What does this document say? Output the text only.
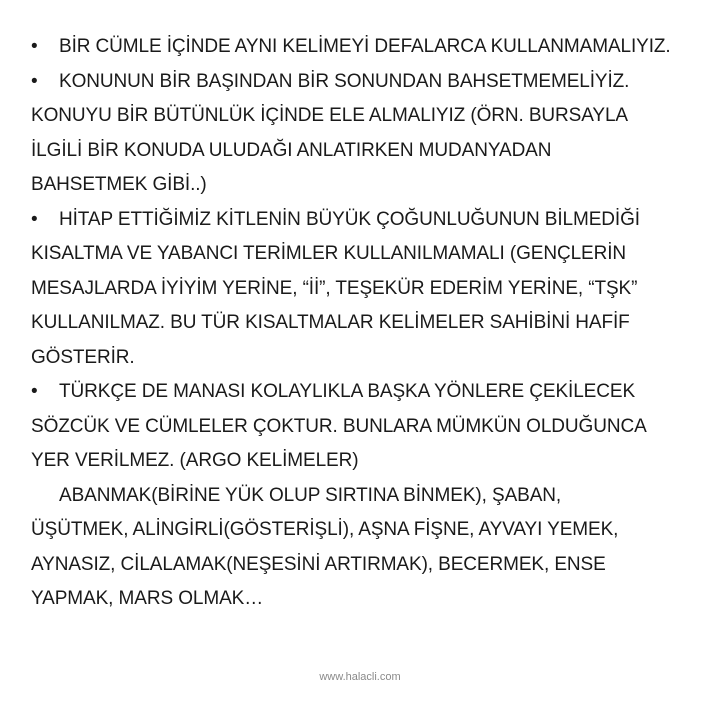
• BİR CÜMLE İÇİNDE AYNI KELİMEYİ DEFALARCA KULLANMAMALIYIZ.
• KONUNUN BİR BAŞINDAN BİR SONUNDAN BAHSETMEMELİYİZ.
KONUYU BİR BÜTÜNLÜK İÇİNDE ELE ALMALIYIZ (ÖRN. BURSAYLA
İLGİLİ BİR KONUDA ULUDAĞI ANLATIRKEN MUDANYADAN
BAHSETMEK GİBİ..)
• HİTAP ETTİĞİMİZ KİTLENİN BÜYÜK ÇOĞUNLUĞUNUN BİLMEDİĞİ
KISALTMA VE YABANCI TERİMLER KULLANILMAMALI (GENÇLERİN
MESAJLARDA İYİYİM YERİNE, “İİ”, TEŞEKÜR EDERİM YERİNE, “TŞK”
KULLANILMAZ. BU TÜR KISALTMALAR KELİMELER SAHİBİNİ HAFİF
GÖSTERİR.
• TÜRKÇE DE MANASI KOLAYLIKLA BAŞKA YÖNLERE ÇEKİLECEK
SÖZCÜK VE CÜMLELER ÇOKTUR. BUNLARA MÜMKÜN OLDUĞUNCA
YER VERİLMEZ. (ARGO KELİMELER)
ABANMAK(BİRİNE YÜK OLUP SIRTINA BİNMEK), ŞABAN,
ÜŞÜTMEK, ALİNGİRLİ(GÖSTERİŞLİ), AŞNA FİŞNE, AYVAYI YEMEK,
AYNASIZ, CİLALAMAK(NEŞESİNİ ARTIRMAK), BECERMEK, ENSE
YAPMAK, MARS OLMAK…
www.halacli.com
